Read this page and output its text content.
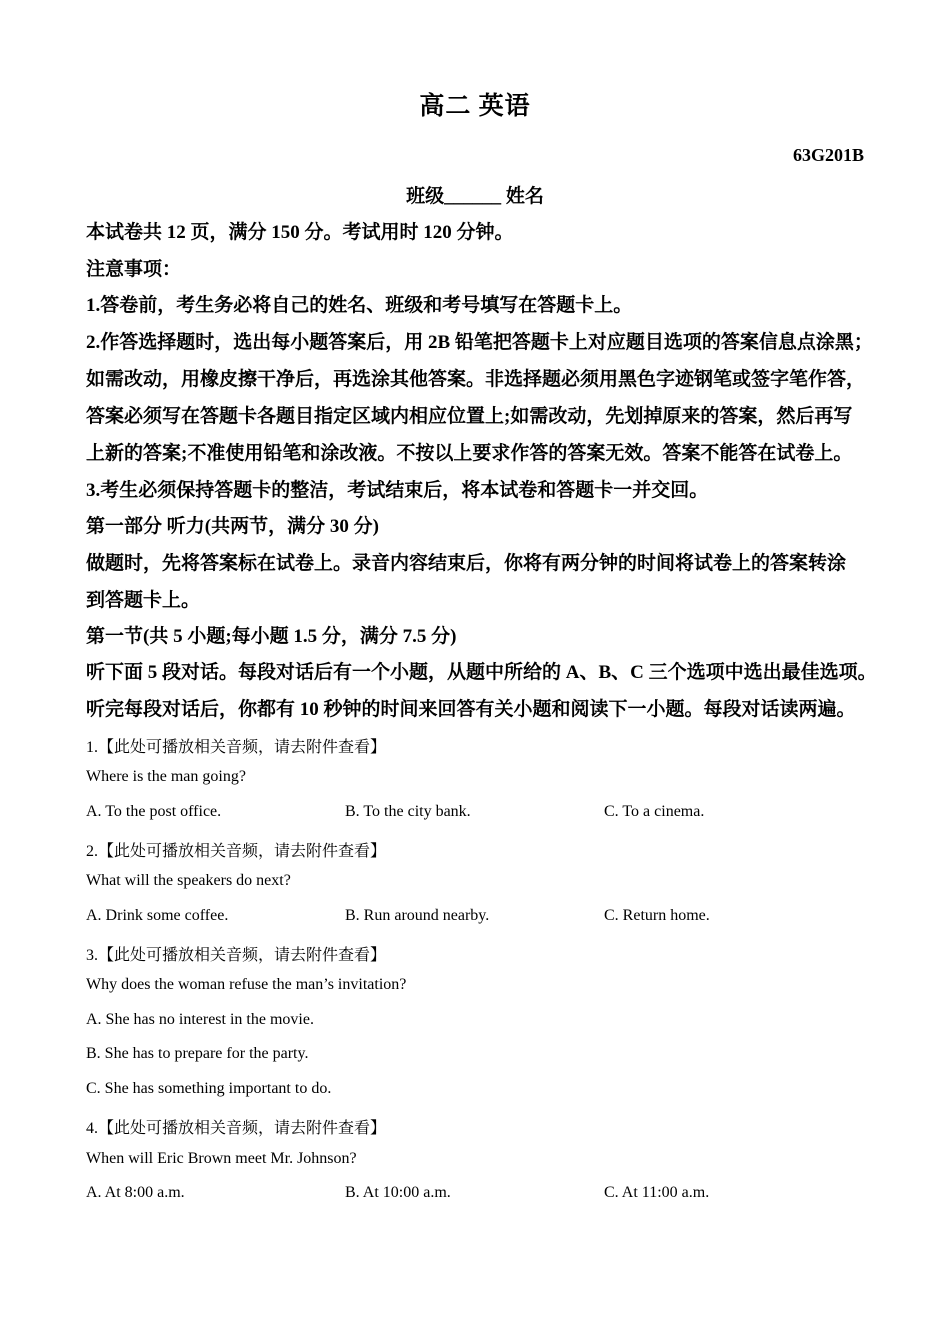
高二 英语
63G201B
班级______ 姓名
本试卷共 12 页，满分 150 分。考试用时 120 分钟。
注意事项：
1.答卷前，考生务必将自己的姓名、班级和考号填写在答题卡上。
2.作答选择题时，选出每小题答案后，用 2B 铅笔把答题卡上对应题目选项的答案信息点涂黑；
如需改动，用橡皮擦干净后，再选涂其他答案。非选择题必须用黑色字迹钢笔或签字笔作答，
答案必须写在答题卡各题目指定区域内相应位置上;如需改动，先划掉原来的答案，然后再写
上新的答案;不准使用铅笔和涂改液。不按以上要求作答的答案无效。答案不能答在试卷上。
3.考生必须保持答题卡的整洁，考试结束后，将本试卷和答题卡一并交回。
第一部分 听力(共两节，满分 30 分)
做题时，先将答案标在试卷上。录音内容结束后，你将有两分钟的时间将试卷上的答案转涂
到答题卡上。
第一节(共 5 小题;每小题 1.5 分，满分 7.5 分)
听下面 5 段对话。每段对话后有一个小题，从题中所给的 A、B、C 三个选项中选出最佳选项。
听完每段对话后，你都有 10 秒钟的时间来回答有关小题和阅读下一小题。每段对话读两遍。
1.【此处可播放相关音频，请去附件查看】
Where is the man going?
A. To the post office.	B. To the city bank.	C. To a cinema.
2.【此处可播放相关音频，请去附件查看】
What will the speakers do next?
A. Drink some coffee.	B. Run around nearby.	C. Return home.
3.【此处可播放相关音频，请去附件查看】
Why does the woman refuse the man’s invitation?
A. She has no interest in the movie.
B. She has to prepare for the party.
C. She has something important to do.
4.【此处可播放相关音频，请去附件查看】
When will Eric Brown meet Mr. Johnson?
A. At 8:00 a.m.	B. At 10:00 a.m.	C. At 11:00 a.m.
